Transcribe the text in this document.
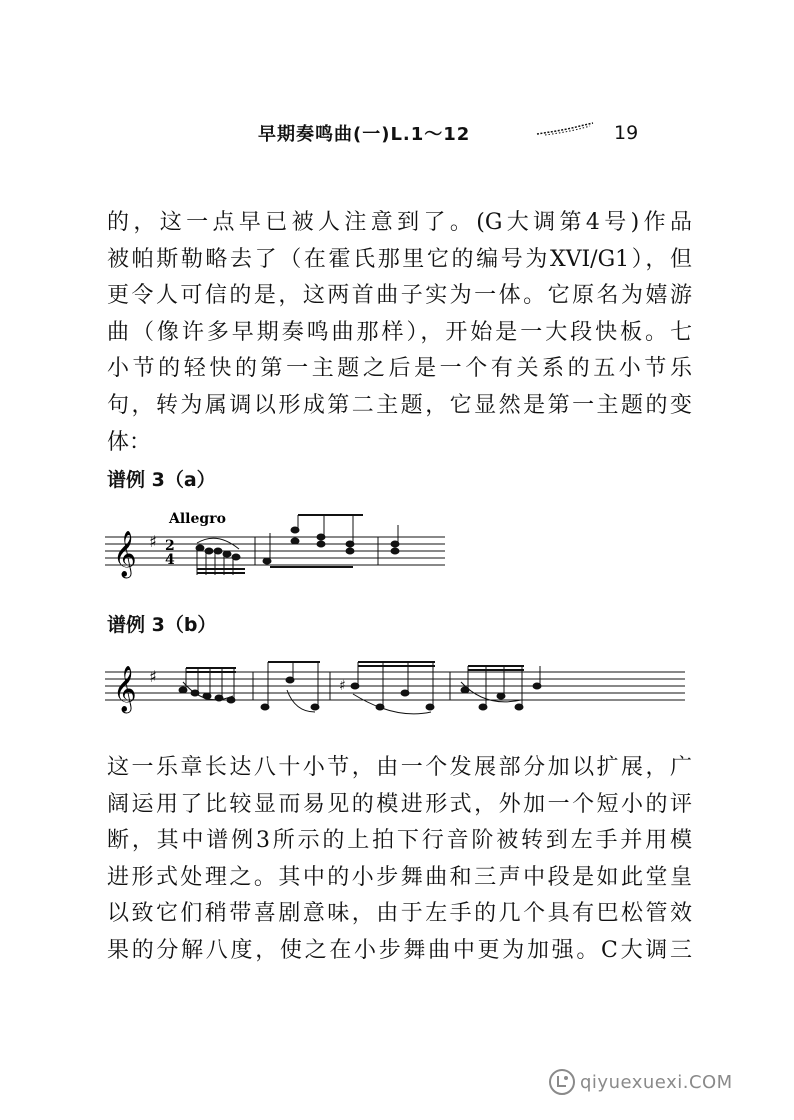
早期奏鸣曲(一)L.1～12	19
的，这一点早已被人注意到了。(G大调第4号)作品
被帕斯勒略去了（在霍氏那里它的编号为XVI/G1），但
更令人可信的是，这两首曲子实为一体。它原名为嬉游
曲（像许多早期奏鸣曲那样），开始是一大段快板。七
小节的轻快的第一主题之后是一个有关系的五小节乐
句，转为属调以形成第二主题，它显然是第一主题的变
体：
谱例 3（a）
Allegro
𝄞 ♯ 2
4
谱例 3（b）
𝄞 ♯	♯
这一乐章长达八十小节，由一个发展部分加以扩展，广
阔运用了比较显而易见的模进形式，外加一个短小的评
断，其中谱例3所示的上拍下行音阶被转到左手并用模
进形式处理之。其中的小步舞曲和三声中段是如此堂皇
以致它们稍带喜剧意味，由于左手的几个具有巴松管效
果的分解八度，使之在小步舞曲中更为加强。C大调三
qiyuexuexi.COM
